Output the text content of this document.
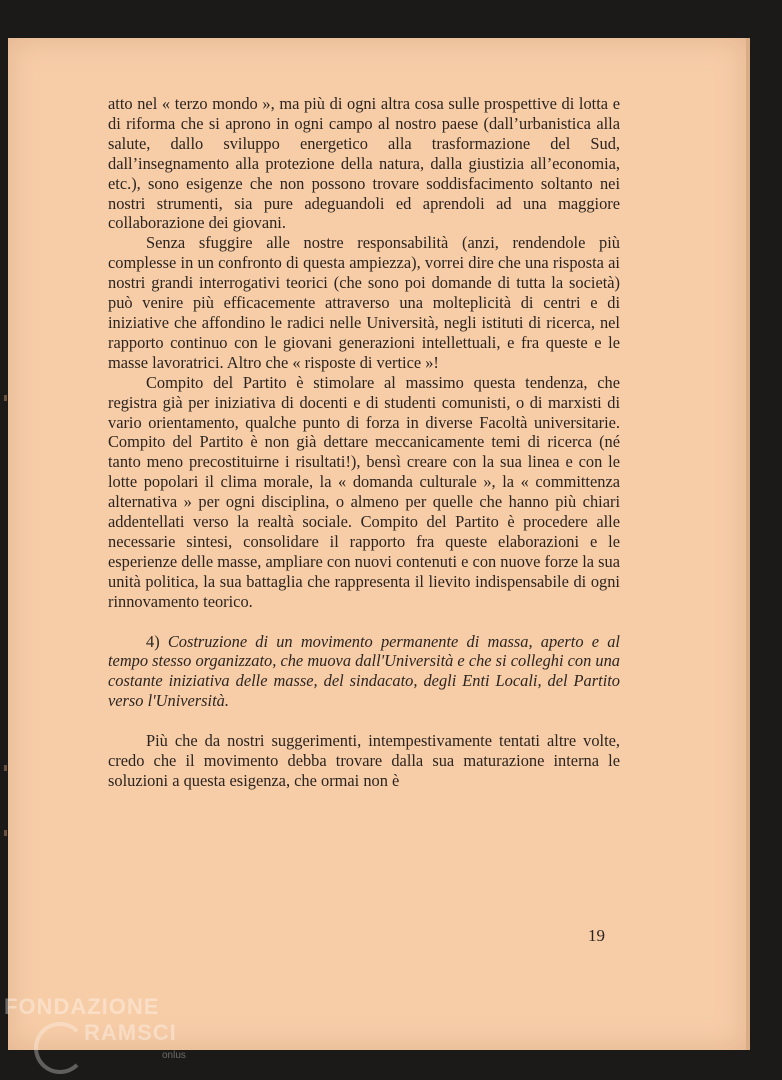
atto nel « terzo mondo », ma più di ogni altra cosa sulle prospettive di lotta e di riforma che si aprono in ogni campo al nostro paese (dall’urbanistica alla salute, dallo sviluppo energetico alla trasformazione del Sud, dall’insegnamento alla protezione della natura, dalla giustizia all’economia, etc.), sono esigenze che non possono trovare soddisfacimento soltanto nei nostri strumenti, sia pure adeguandoli ed aprendoli ad una maggiore collaborazione dei giovani.

Senza sfuggire alle nostre responsabilità (anzi, rendendole più complesse in un confronto di questa ampiezza), vorrei dire che una risposta ai nostri grandi interrogativi teorici (che sono poi domande di tutta la società) può venire più efficacemente attraverso una molteplicità di centri e di iniziative che affondino le radici nelle Università, negli istituti di ricerca, nel rapporto continuo con le giovani generazioni intellettuali, e fra queste e le masse lavoratrici. Altro che « risposte di vertice »!

Compito del Partito è stimolare al massimo questa tendenza, che registra già per iniziativa di docenti e di studenti comunisti, o di marxisti di vario orientamento, qualche punto di forza in diverse Facoltà universitarie. Compito del Partito è non già dettare meccanicamente temi di ricerca (né tanto meno precostituirne i risultati!), bensì creare con la sua linea e con le lotte popolari il clima morale, la « domanda culturale », la « committenza alternativa » per ogni disciplina, o almeno per quelle che hanno più chiari addentellati verso la realtà sociale. Compito del Partito è procedere alle necessarie sintesi, consolidare il rapporto fra queste elaborazioni e le esperienze delle masse, ampliare con nuovi contenuti e con nuove forze la sua unità politica, la sua battaglia che rappresenta il lievito indispensabile di ogni rinnovamento teorico.

4) Costruzione di un movimento permanente di massa, aperto e al tempo stesso organizzato, che muova dall'Università e che si colleghi con una costante iniziativa delle masse, del sindacato, degli Enti Locali, del Partito verso l'Università.

Più che da nostri suggerimenti, intempestivamente tentati altre volte, credo che il movimento debba trovare dalla sua maturazione interna le soluzioni a questa esigenza, che ormai non è

19
FONDAZIONE
RAMSCI
onlus
